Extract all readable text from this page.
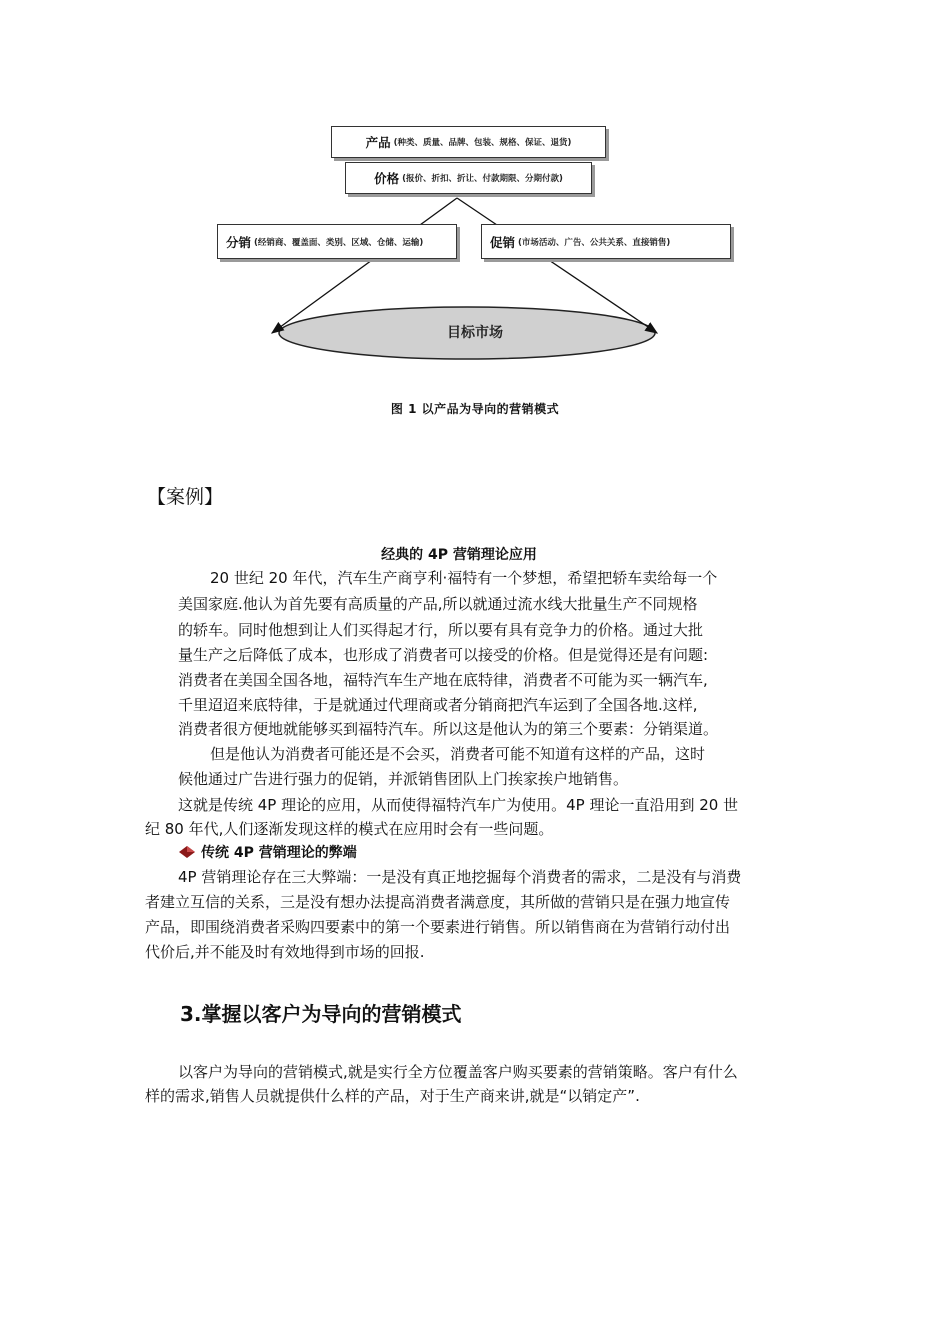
产品 (种类、质量、品牌、包装、规格、保证、退货)
价格 (报价、折扣、折让、付款期限、分期付款)
分销 (经销商、覆盖面、类别、区域、仓储、运输)	促销 (市场活动、广告、公共关系、直接销售)
目标市场
图 1 以产品为导向的营销模式
【案例】
经典的 4P 营销理论应用
20 世纪 20 年代，汽车生产商亨利·福特有一个梦想，希望把轿车卖给每一个
美国家庭.他认为首先要有高质量的产品,所以就通过流水线大批量生产不同规格
的轿车。同时他想到让人们买得起才行，所以要有具有竞争力的价格。通过大批
量生产之后降低了成本，也形成了消费者可以接受的价格。但是觉得还是有问题:
消费者在美国全国各地，福特汽车生产地在底特律，消费者不可能为买一辆汽车,
千里迢迢来底特律，于是就通过代理商或者分销商把汽车运到了全国各地.这样,
消费者很方便地就能够买到福特汽车。所以这是他认为的第三个要素：分销渠道。
但是他认为消费者可能还是不会买，消费者可能不知道有这样的产品，这时
候他通过广告进行强力的促销，并派销售团队上门挨家挨户地销售。
这就是传统 4P 理论的应用，从而使得福特汽车广为使用。4P 理论一直沿用到 20 世
纪 80 年代,人们逐渐发现这样的模式在应用时会有一些问题。
传统 4P 营销理论的弊端
4P 营销理论存在三大弊端：一是没有真正地挖掘每个消费者的需求，二是没有与消费
者建立互信的关系，三是没有想办法提高消费者满意度，其所做的营销只是在强力地宣传
产品，即围绕消费者采购四要素中的第一个要素进行销售。所以销售商在为营销行动付出
代价后,并不能及时有效地得到市场的回报.
3.掌握以客户为导向的营销模式
以客户为导向的营销模式,就是实行全方位覆盖客户购买要素的营销策略。客户有什么
样的需求,销售人员就提供什么样的产品，对于生产商来讲,就是“以销定产”.
